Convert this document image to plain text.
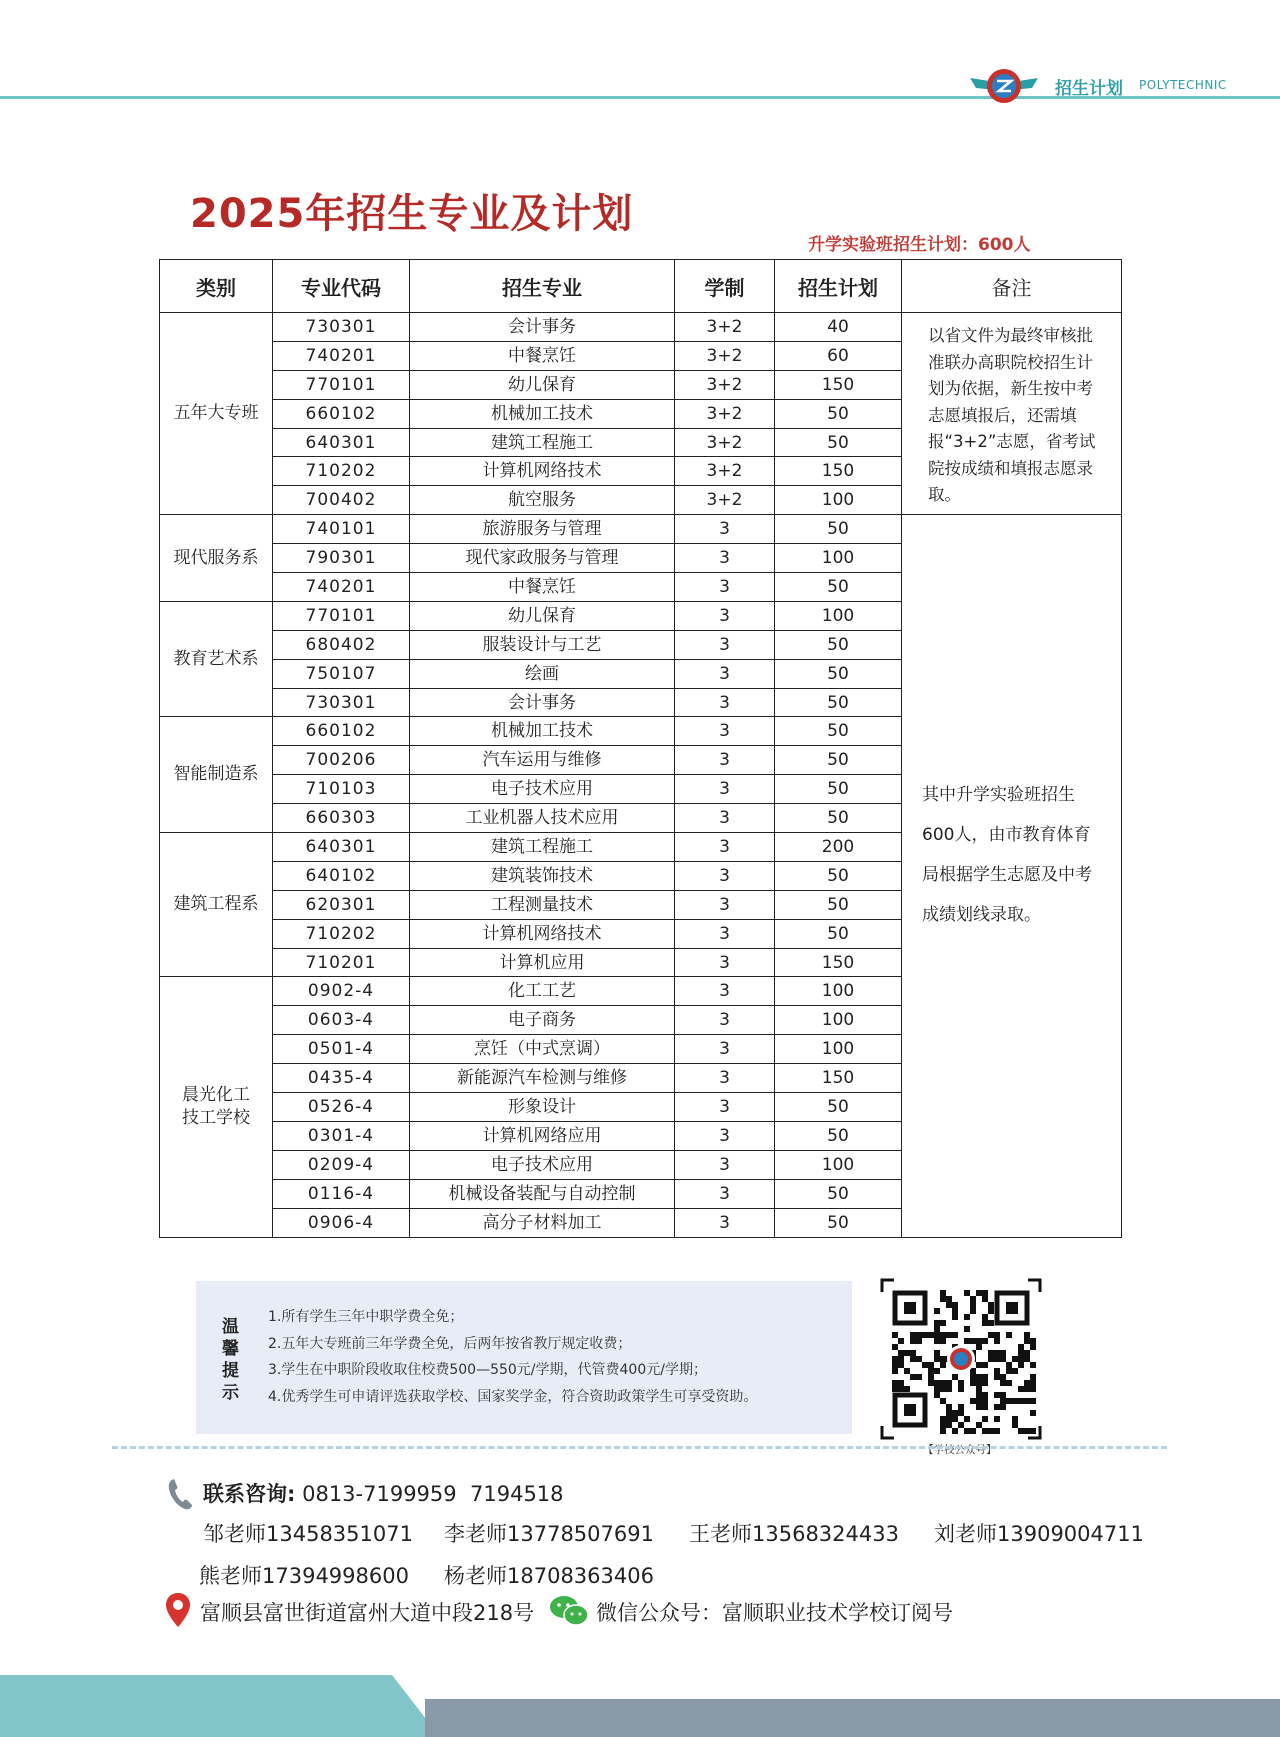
招生计划 POLYTECHNIC
2025年招生专业及计划
升学实验班招生计划：600人
类别	专业代码	招生专业	学制	招生计划	备注
五年大专班	730301	会计事务	3+2	40	以省文件为最终审核批准联办高职院校招生计划为依据，新生按中考志愿填报后，还需填报“3+2”志愿，省考试院按成绩和填报志愿录取。
	740201	中餐烹饪	3+2	60	
	770101	幼儿保育	3+2	150	
	660102	机械加工技术	3+2	50	
	640301	建筑工程施工	3+2	50	
	710202	计算机网络技术	3+2	150	
	700402	航空服务	3+2	100	
现代服务系	740101	旅游服务与管理	3	50	其中升学实验班招生600人，由市教育体育局根据学生志愿及中考成绩划线录取。
	790301	现代家政服务与管理	3	100	
	740201	中餐烹饪	3	50	
教育艺术系	770101	幼儿保育	3	100	
	680402	服装设计与工艺	3	50	
	750107	绘画	3	50	
	730301	会计事务	3	50	
智能制造系	660102	机械加工技术	3	50	
	700206	汽车运用与维修	3	50	
	710103	电子技术应用	3	50	
	660303	工业机器人技术应用	3	50	
建筑工程系	640301	建筑工程施工	3	200	
	640102	建筑装饰技术	3	50	
	620301	工程测量技术	3	50	
	710202	计算机网络技术	3	50	
	710201	计算机应用	3	150	
晨光化工
技工学校	0902-4	化工工艺	3	100	
	0603-4	电子商务	3	100	
	0501-4	烹饪（中式烹调）	3	100	
	0435-4	新能源汽车检测与维修	3	150	
	0526-4	形象设计	3	50	
	0301-4	计算机网络应用	3	50	
	0209-4	电子技术应用	3	100	
	0116-4	机械设备装配与自动控制	3	50	
	0906-4	高分子材料加工	3	50	
温馨提示
1.所有学生三年中职学费全免；
2.五年大专班前三年学费全免，后两年按省教厅规定收费；
3.学生在中职阶段收取住校费500—550元/学期，代管费400元/学期；
4.优秀学生可申请评选获取学校、国家奖学金，符合资助政策学生可享受资助。
【学校公众号】
联系咨询: 0813-7199959 7194518
邹老师13458351071 李老师13778507691 王老师13568324433 刘老师13909004711
熊老师17394998600 杨老师18708363406
富顺县富世街道富州大道中段218号	微信公众号：富顺职业技术学校订阅号
